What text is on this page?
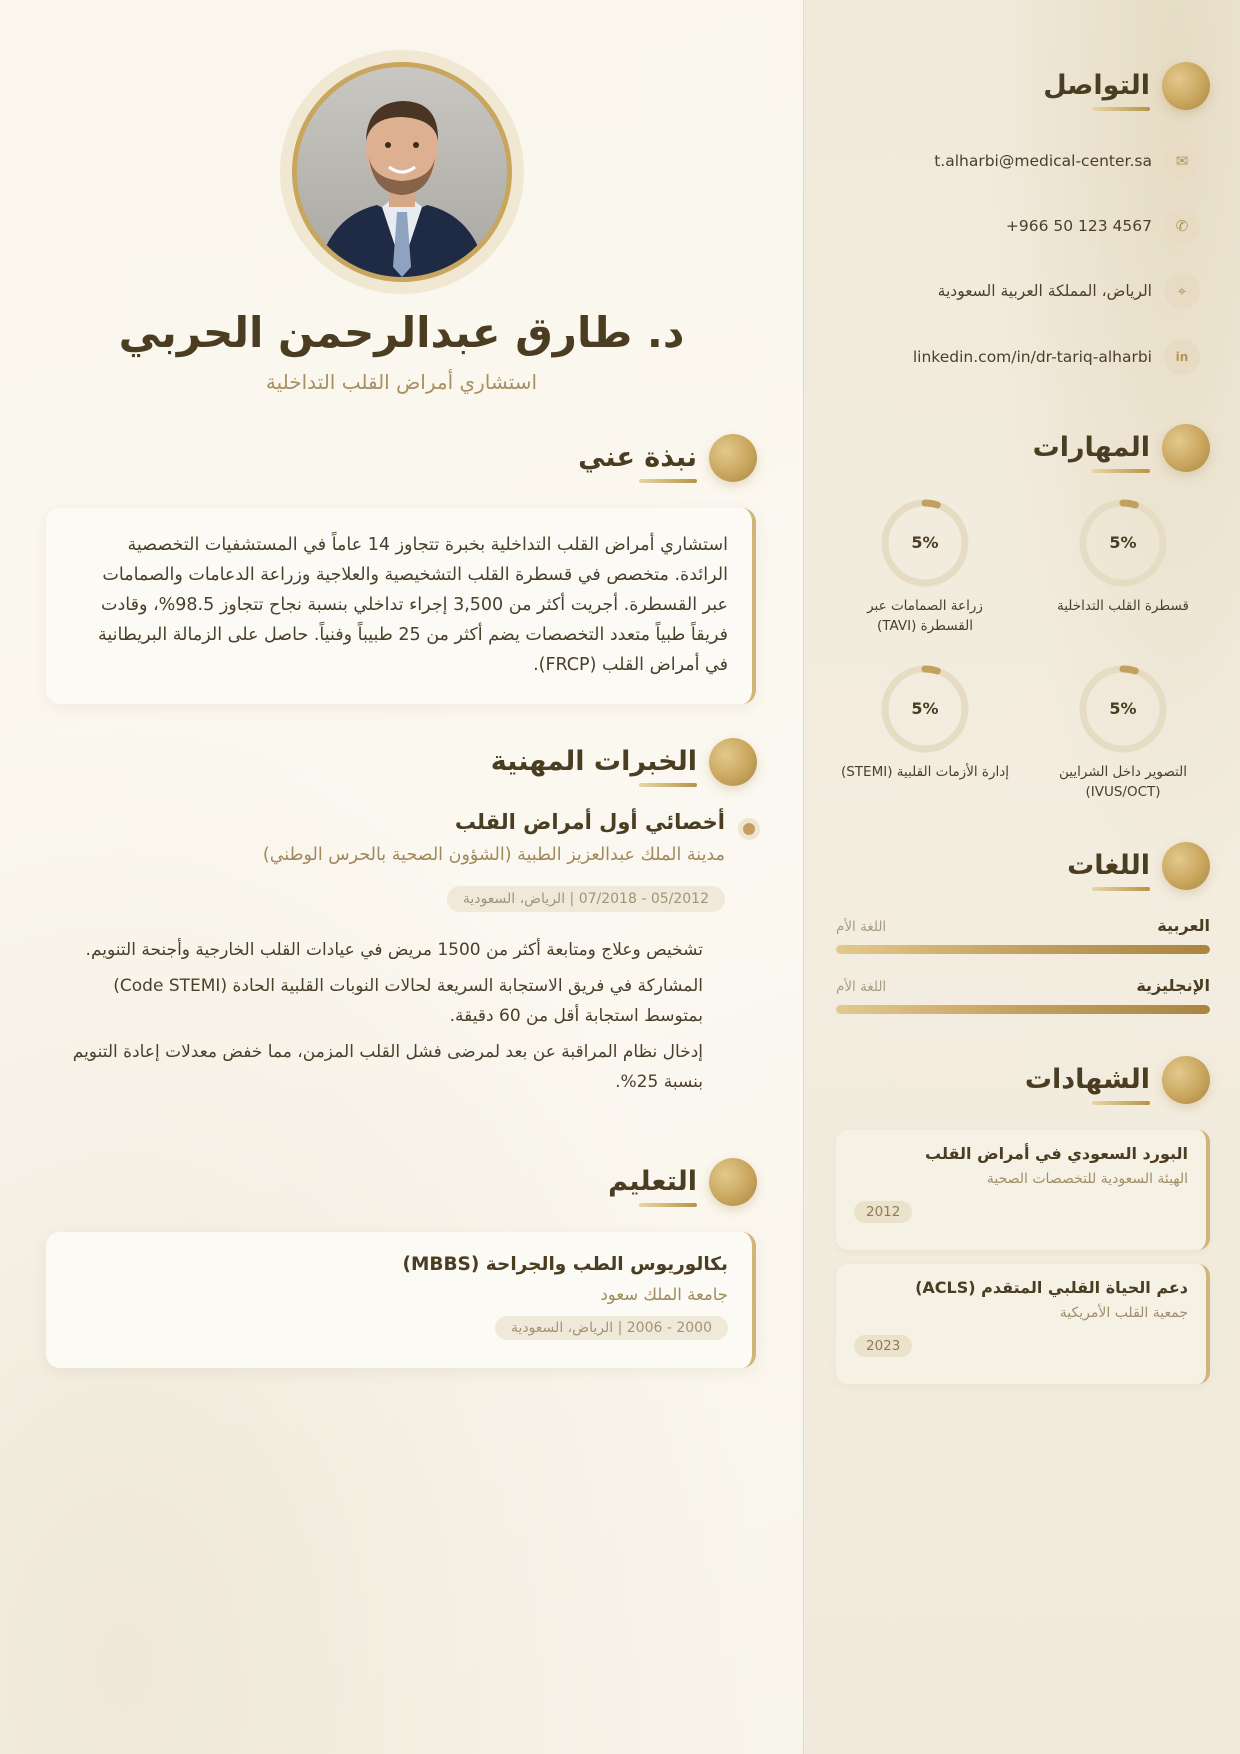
د. طارق عبدالرحمن الحربي
استشاري أمراض القلب التداخلية
نبذة عني
استشاري أمراض القلب التداخلية بخبرة تتجاوز 14 عاماً في المستشفيات التخصصية الرائدة. متخصص في قسطرة القلب التشخيصية والعلاجية وزراعة الدعامات والصمامات عبر القسطرة. أجريت أكثر من 3,500 إجراء تداخلي بنسبة نجاح تتجاوز 98.5%، وقادت فريقاً طبياً متعدد التخصصات يضم أكثر من 25 طبيباً وفنياً. حاصل على الزمالة البريطانية في أمراض القلب (FRCP).
الخبرات المهنية
أخصائي أول أمراض القلب
مدينة الملك عبدالعزيز الطبية (الشؤون الصحية بالحرس الوطني)
05/2012 - 07/2018 | الرياض، السعودية
تشخيص وعلاج ومتابعة أكثر من 1500 مريض في عيادات القلب الخارجية وأجنحة التنويم.
المشاركة في فريق الاستجابة السريعة لحالات النوبات القلبية الحادة (Code STEMI) بمتوسط استجابة أقل من 60 دقيقة.
إدخال نظام المراقبة عن بعد لمرضى فشل القلب المزمن، مما خفض معدلات إعادة التنويم بنسبة 25%.
التعليم
بكالوريوس الطب والجراحة (MBBS)
جامعة الملك سعود
2000 - 2006 | الرياض، السعودية
التواصل
✉
t.alharbi@medical-center.sa
✆
+966 50 123 4567
⌖
الرياض، المملكة العربية السعودية
in
linkedin.com/in/dr-tariq-alharbi
المهارات
5%
قسطرة القلب التداخلية
5%
زراعة الصمامات عبر القسطرة (TAVI)
5%
التصوير داخل الشرايين (IVUS/OCT)
5%
إدارة الأزمات القلبية (STEMI)
اللغات
العربية
اللغة الأم
الإنجليزية
اللغة الأم
الشهادات
البورد السعودي في أمراض القلب
الهيئة السعودية للتخصصات الصحية
2012
دعم الحياة القلبي المتقدم (ACLS)
جمعية القلب الأمريكية
2023
